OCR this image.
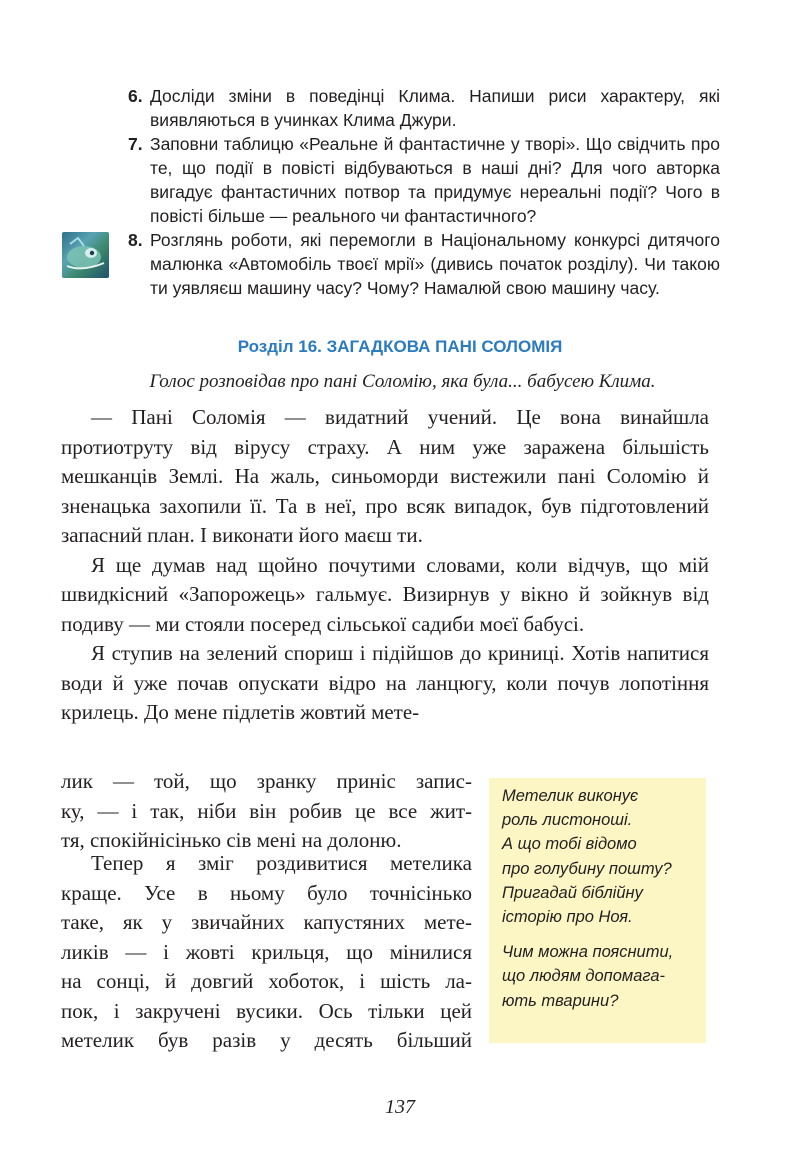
6. Досліди зміни в поведінці Клима. Напиши риси характеру, які виявляються в учинках Клима Джури.
7. Заповни таблицю «Реальне й фантастичне у творі». Що свідчить про те, що події в повісті відбуваються в наші дні? Для чого авторка вигадує фантастичних потвор та придумує нереальні події? Чого в повісті більше — реального чи фантастичного?
8. Розглянь роботи, які перемогли в Національному конкурсі дитячого малюнка «Автомобіль твоєї мрії» (дивись початок розділу). Чи такою ти уявляєш машину часу? Чому? Намалюй свою машину часу.
Розділ 16. ЗАГАДКОВА ПАНІ СОЛОМІЯ
Голос розповідав про пані Соломію, яка була... бабусею Клима.

— Пані Соломія — видатний учений. Це вона винайшла протиотруту від вірусу страху. А ним уже заражена більшість мешканців Землі. На жаль, синьоморди вистежили пані Соломію й зненацька захопили її. Та в неї, про всяк випадок, був підготовлений запасний план. І виконати його маєш ти.

Я ще думав над щойно почутими словами, коли відчув, що мій швидкісний «Запорожець» гальмує. Визирнув у вікно й зойкнув від подиву — ми стояли посеред сільської садиби моєї бабусі.

Я ступив на зелений спориш і підійшов до криниці. Хотів напитися води й уже почав опускати відро на ланцюгу, коли почув лопотіння крилець. До мене підлетів жовтий мете-

лик — той, що зранку приніс запис-

ку, — і так, ніби він робив це все жит-

тя, спокійнісінько сів мені на долоню.

Тепер я зміг роздивитися метелика

краще. Усе в ньому було точнісінько

таке, як у звичайних капустяних мете-

ликів — і жовті крильця, що мінилися

на сонці, й довгий хоботок, і шість ла-

пок, і закручені вусики. Ось тільки цей

метелик був разів у десять більший

Метелик виконує

роль листоноші.

А що тобі відомо

про голубину пошту?

Пригадай біблійну

історію про Ноя.

Чим можна пояснити,

що людям допомага-

ють тварини?

137
